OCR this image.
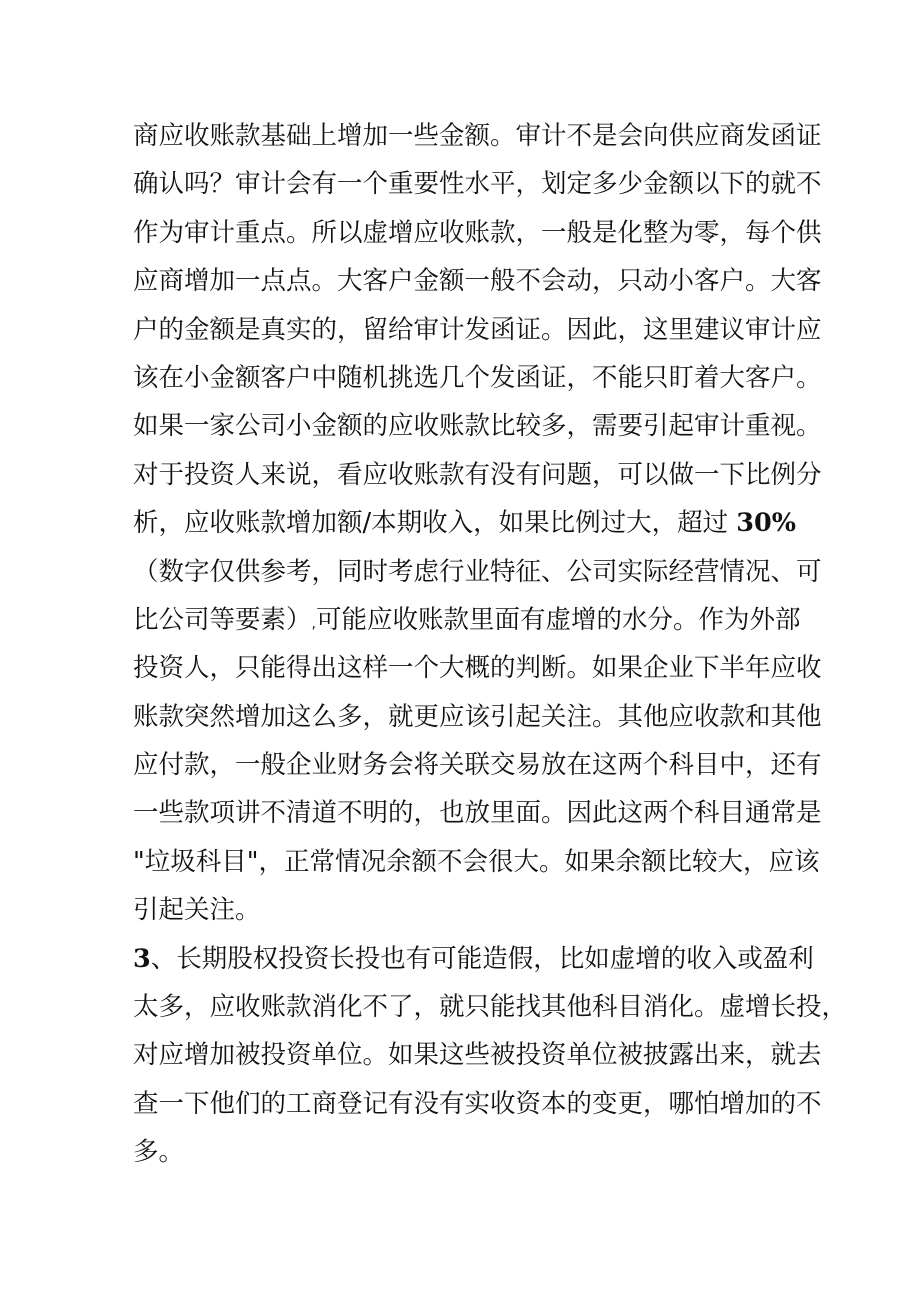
商应收账款基础上增加一些金额。审计不是会向供应商发函证
确认吗？审计会有一个重要性水平，划定多少金额以下的就不
作为审计重点。所以虚增应收账款，一般是化整为零，每个供
应商增加一点点。大客户金额一般不会动，只动小客户。大客
户的金额是真实的，留给审计发函证。因此，这里建议审计应
该在小金额客户中随机挑选几个发函证，不能只盯着大客户。
如果一家公司小金额的应收账款比较多，需要引起审计重视。
对于投资人来说，看应收账款有没有问题，可以做一下比例分
析，应收账款增加额/本期收入，如果比例过大，超过 30%
（数字仅供参考，同时考虑行业特征、公司实际经营情况、可
比公司等要素）,可能应收账款里面有虚增的水分。作为外部
投资人，只能得出这样一个大概的判断。如果企业下半年应收
账款突然增加这么多，就更应该引起关注。其他应收款和其他
应付款，一般企业财务会将关联交易放在这两个科目中，还有
一些款项讲不清道不明的，也放里面。因此这两个科目通常是
"垃圾科目"，正常情况余额不会很大。如果余额比较大，应该
引起关注。
3、长期股权投资长投也有可能造假，比如虚增的收入或盈利
太多，应收账款消化不了，就只能找其他科目消化。虚增长投，
对应增加被投资单位。如果这些被投资单位被披露出来，就去
查一下他们的工商登记有没有实收资本的变更，哪怕增加的不
多。
